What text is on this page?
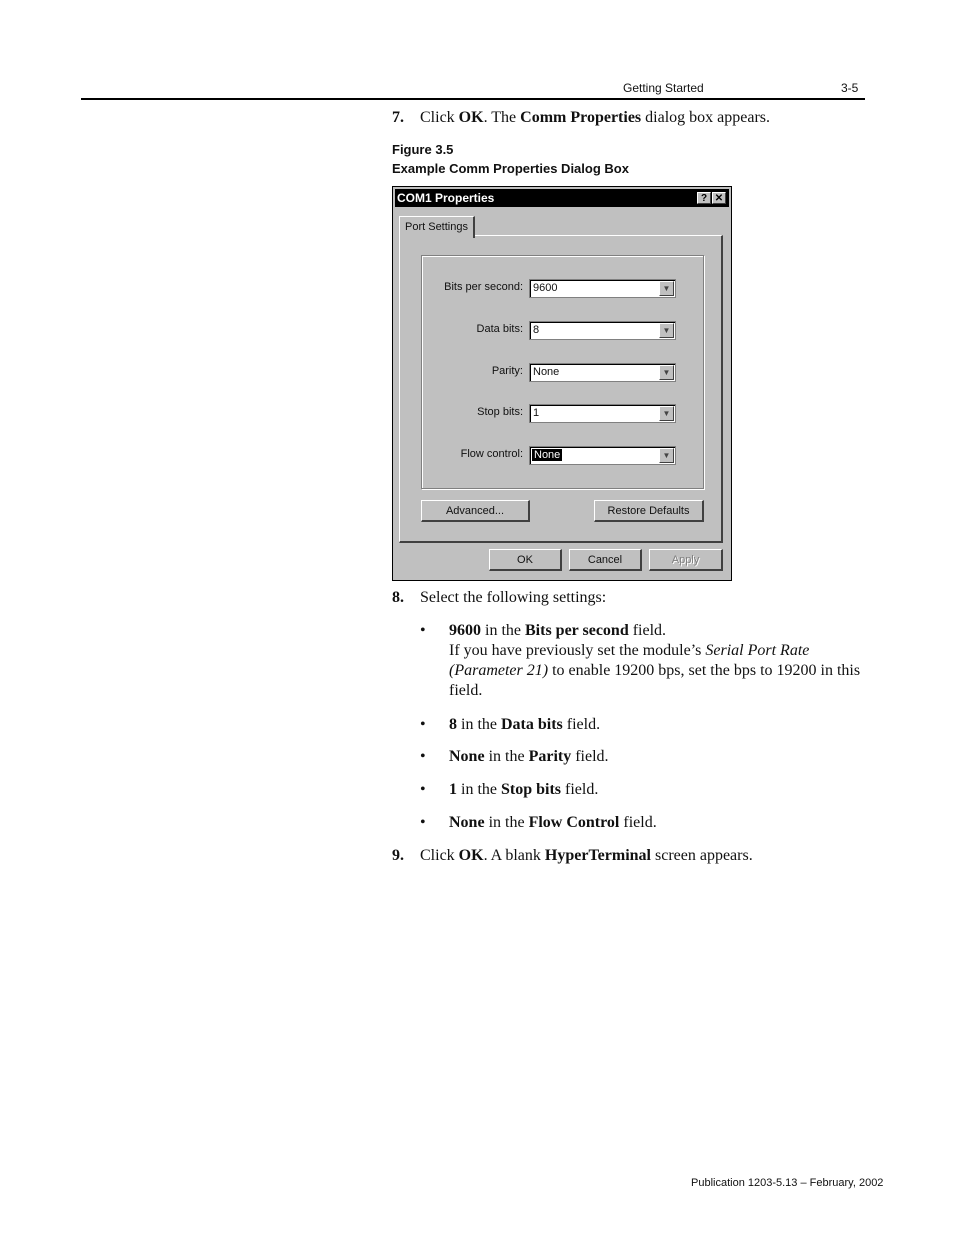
Getting Started	3-5
7. Click OK. The Comm Properties dialog box appears.
Figure 3.5
Example Comm Properties Dialog Box
COM1 Properties	? ✕
Port Settings
Bits per second: 9600	▼
Data bits: 8	▼
Parity: None	▼
Stop bits: 1	▼
Flow control: None	▼
Advanced...	Restore Defaults
OK	Cancel	Apply
8. Select the following settings:
• 9600 in the Bits per second field.
If you have previously set the module’s Serial Port Rate (Parameter 21) to enable 19200 bps, set the bps to 19200 in this field.
• 8 in the Data bits field.
• None in the Parity field.
• 1 in the Stop bits field.
• None in the Flow Control field.
9. Click OK. A blank HyperTerminal screen appears.
Publication 1203-5.13 – February, 2002
